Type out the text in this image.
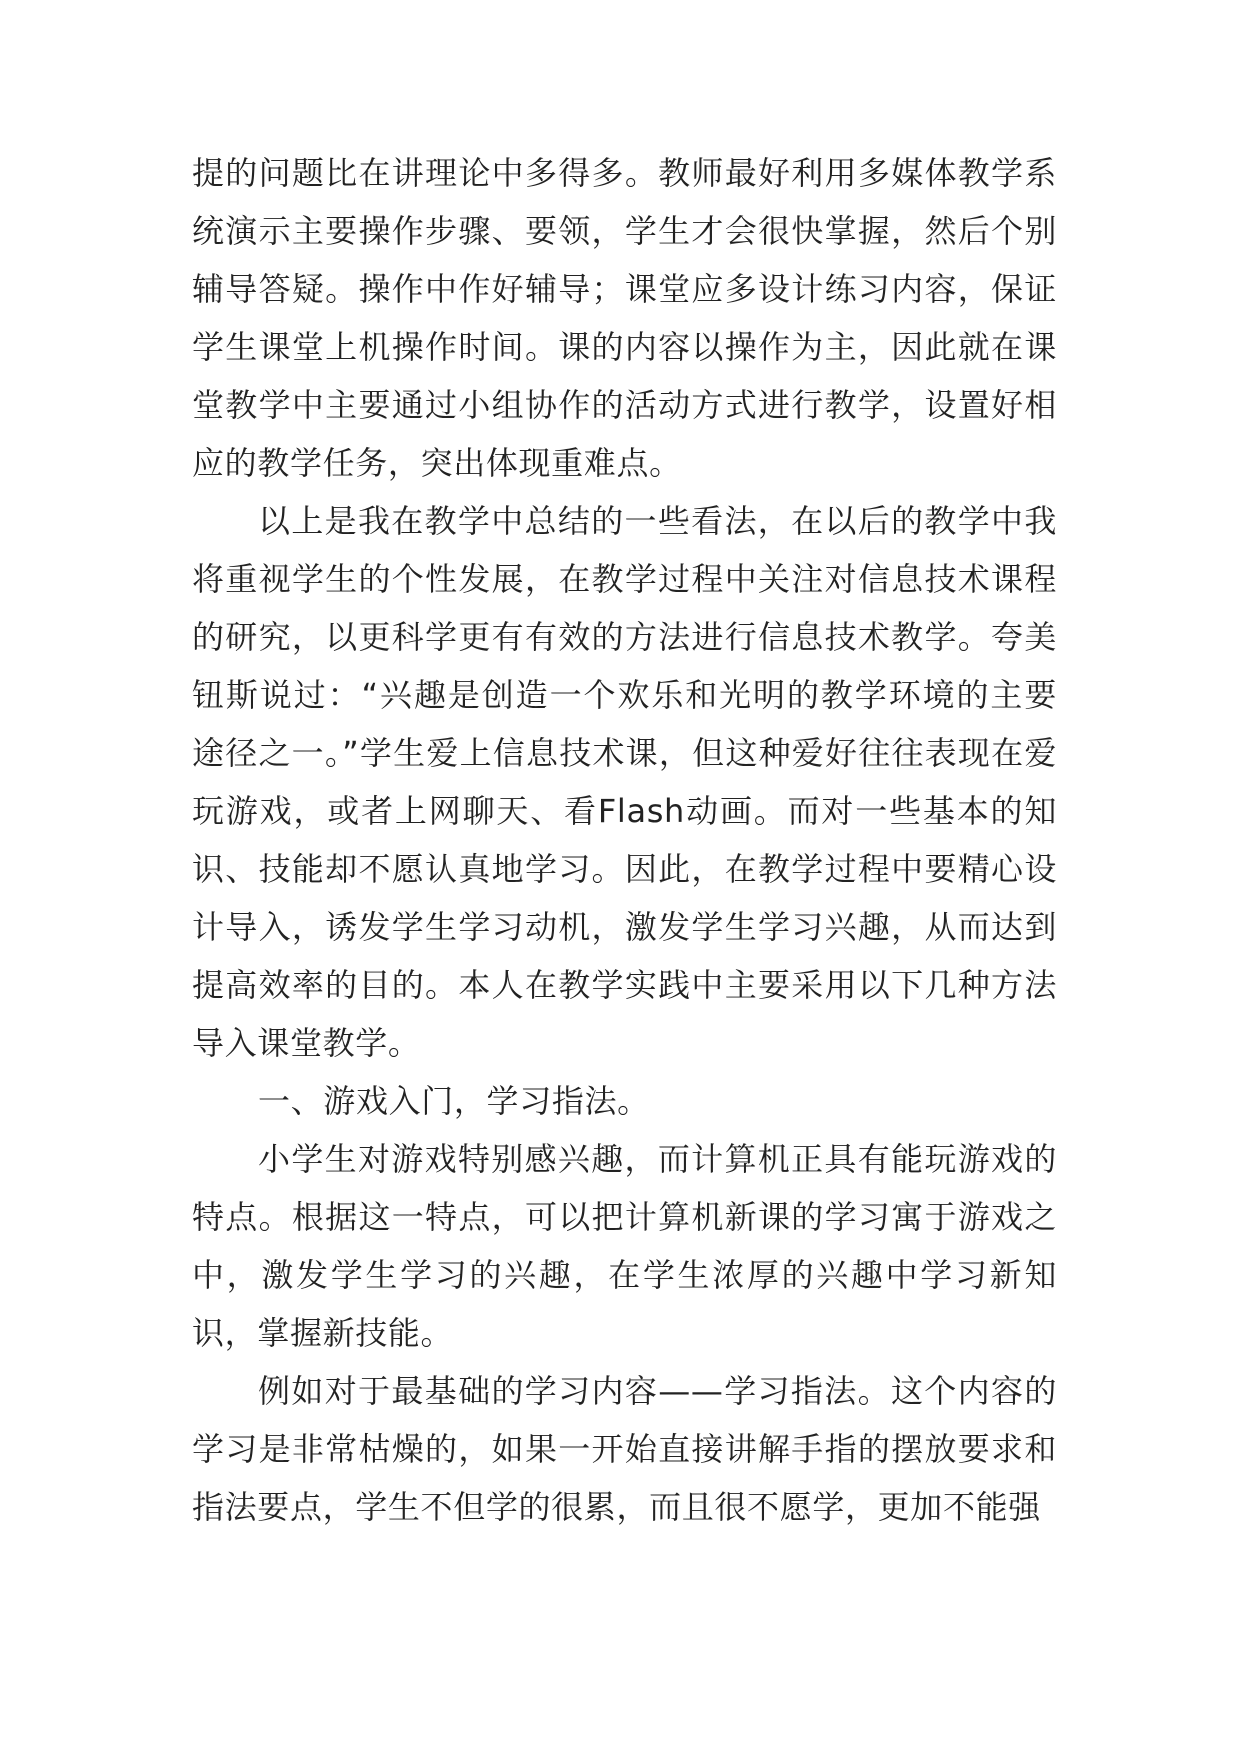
提的问题比在讲理论中多得多。教师最好利用多媒体教学系统演示主要操作步骤、要领，学生才会很快掌握，然后个别辅导答疑。操作中作好辅导；课堂应多设计练习内容，保证学生课堂上机操作时间。课的内容以操作为主，因此就在课堂教学中主要通过小组协作的活动方式进行教学，设置好相应的教学任务，突出体现重难点。

以上是我在教学中总结的一些看法，在以后的教学中我将重视学生的个性发展，在教学过程中关注对信息技术课程的研究，以更科学更有有效的方法进行信息技术教学。夸美钮斯说过：“兴趣是创造一个欢乐和光明的教学环境的主要途径之一。”学生爱上信息技术课，但这种爱好往往表现在爱玩游戏，或者上网聊天、看Flash动画。而对一些基本的知识、技能却不愿认真地学习。因此，在教学过程中要精心设计导入，诱发学生学习动机，激发学生学习兴趣，从而达到提高效率的目的。本人在教学实践中主要采用以下几种方法导入课堂教学。

一、游戏入门，学习指法。

小学生对游戏特别感兴趣，而计算机正具有能玩游戏的特点。根据这一特点，可以把计算机新课的学习寓于游戏之中，激发学生学习的兴趣，在学生浓厚的兴趣中学习新知识，掌握新技能。

例如对于最基础的学习内容——学习指法。这个内容的学习是非常枯燥的，如果一开始直接讲解手指的摆放要求和指法要点，学生不但学的很累，而且很不愿学，更加不能强
